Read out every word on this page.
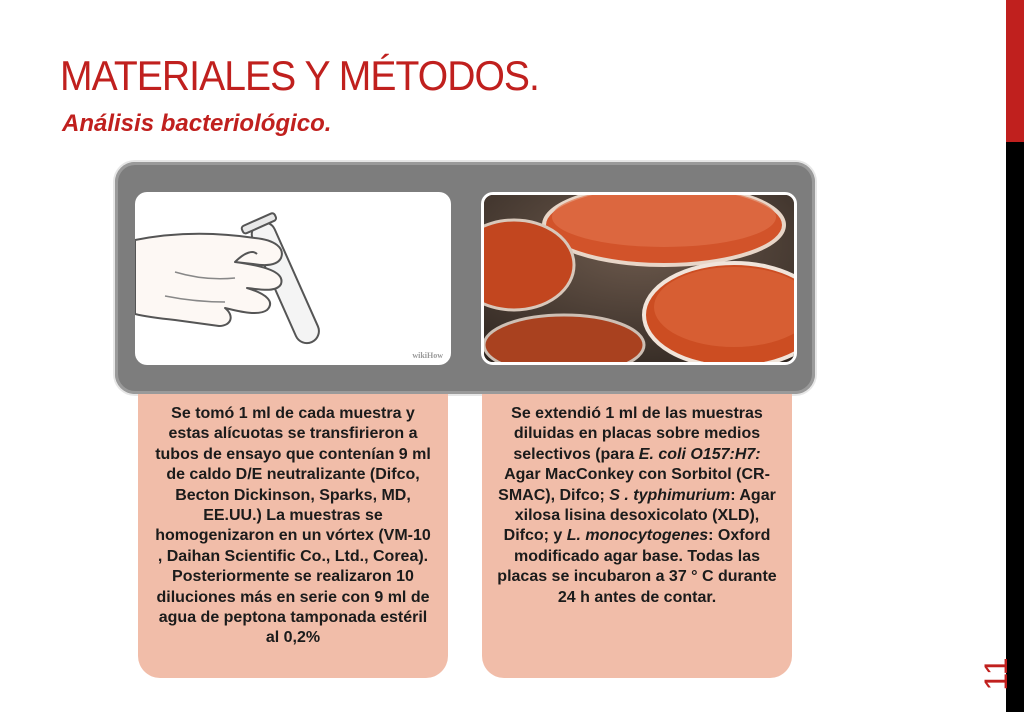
MATERIALES Y MÉTODOS.
Análisis bacteriológico.
wikiHow
Se tomó 1 ml de cada muestra y estas alícuotas se transfirieron a tubos de ensayo que contenían 9 ml de caldo D/E neutralizante (Difco, Becton Dickinson, Sparks, MD, EE.UU.) La muestras se homogenizaron en un vórtex (VM-10 , Daihan Scientific Co., Ltd., Corea). Posteriormente se realizaron 10 diluciones más en serie con 9 ml de agua de peptona tamponada estéril al 0,2%
Se extendió 1 ml de las muestras diluidas en placas sobre medios selectivos (para E. coli O157:H7: Agar MacConkey con Sorbitol (CR-SMAC), Difco; S . typhimurium: Agar xilosa lisina desoxicolato (XLD), Difco; y L. monocytogenes: Oxford modificado agar base. Todas las placas se incubaron a 37 ° C durante 24 h antes de contar.
11
